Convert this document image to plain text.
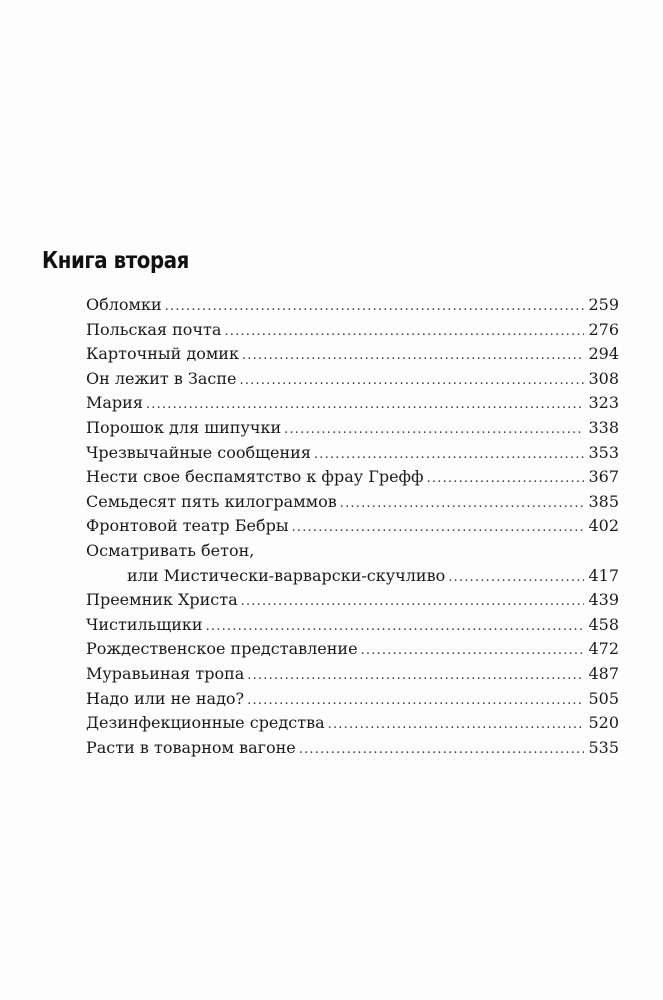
Книга вторая
Обломки .....	259
Польская почта .....	276
Карточный домик .....	294
Он лежит в Заспе .....	308
Мария .....	323
Порошок для шипучки .....	338
Чрезвычайные сообщения .....	353
Нести свое беспамятство к фрау Грефф .....	367
Семьдесят пять килограммов .....	385
Фронтовой театр Бебры .....	402
Осматривать бетон,
или Мистически-варварски-скучливо .....	417
Преемник Христа .....	439
Чистильщики .....	458
Рождественское представление .....	472
Муравьиная тропа .....	487
Надо или не надо? .....	505
Дезинфекционные средства .....	520
Расти в товарном вагоне .....	535
